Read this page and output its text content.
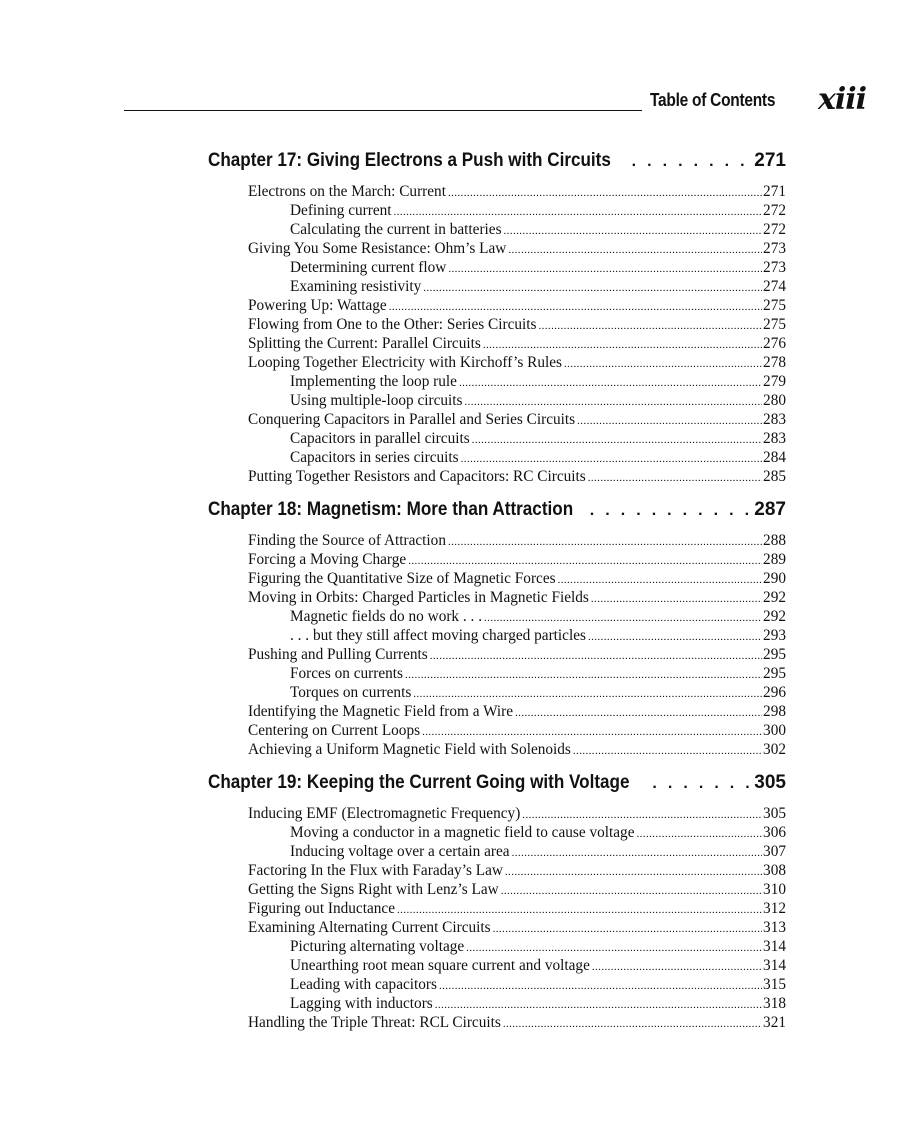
Table of Contents xiii
Chapter 17: Giving Electrons a Push with Circuits . . .	271
Electrons on the March: Current .....	271
Defining current .....	272
Calculating the current in batteries .....	272
Giving You Some Resistance: Ohm’s Law .....	273
Determining current flow .....	273
Examining resistivity .....	274
Powering Up: Wattage .....	275
Flowing from One to the Other: Series Circuits .....	275
Splitting the Current: Parallel Circuits .....	276
Looping Together Electricity with Kirchoff’s Rules .....	278
Implementing the loop rule .....	279
Using multiple-loop circuits .....	280
Conquering Capacitors in Parallel and Series Circuits .....	283
Capacitors in parallel circuits .....	283
Capacitors in series circuits .....	284
Putting Together Resistors and Capacitors: RC Circuits .....	285
Chapter 18: Magnetism: More than Attraction . . .	287
Finding the Source of Attraction .....	288
Forcing a Moving Charge .....	289
Figuring the Quantitative Size of Magnetic Forces .....	290
Moving in Orbits: Charged Particles in Magnetic Fields .....	292
Magnetic fields do no work . . . .....	292
. . . but they still affect moving charged particles .....	293
Pushing and Pulling Currents .....	295
Forces on currents .....	295
Torques on currents .....	296
Identifying the Magnetic Field from a Wire .....	298
Centering on Current Loops .....	300
Achieving a Uniform Magnetic Field with Solenoids .....	302
Chapter 19: Keeping the Current Going with Voltage . . .	305
Inducing EMF (Electromagnetic Frequency) .....	305
Moving a conductor in a magnetic field to cause voltage .....	306
Inducing voltage over a certain area .....	307
Factoring In the Flux with Faraday’s Law .....	308
Getting the Signs Right with Lenz’s Law .....	310
Figuring out Inductance .....	312
Examining Alternating Current Circuits .....	313
Picturing alternating voltage .....	314
Unearthing root mean square current and voltage .....	314
Leading with capacitors .....	315
Lagging with inductors .....	318
Handling the Triple Threat: RCL Circuits .....	321
